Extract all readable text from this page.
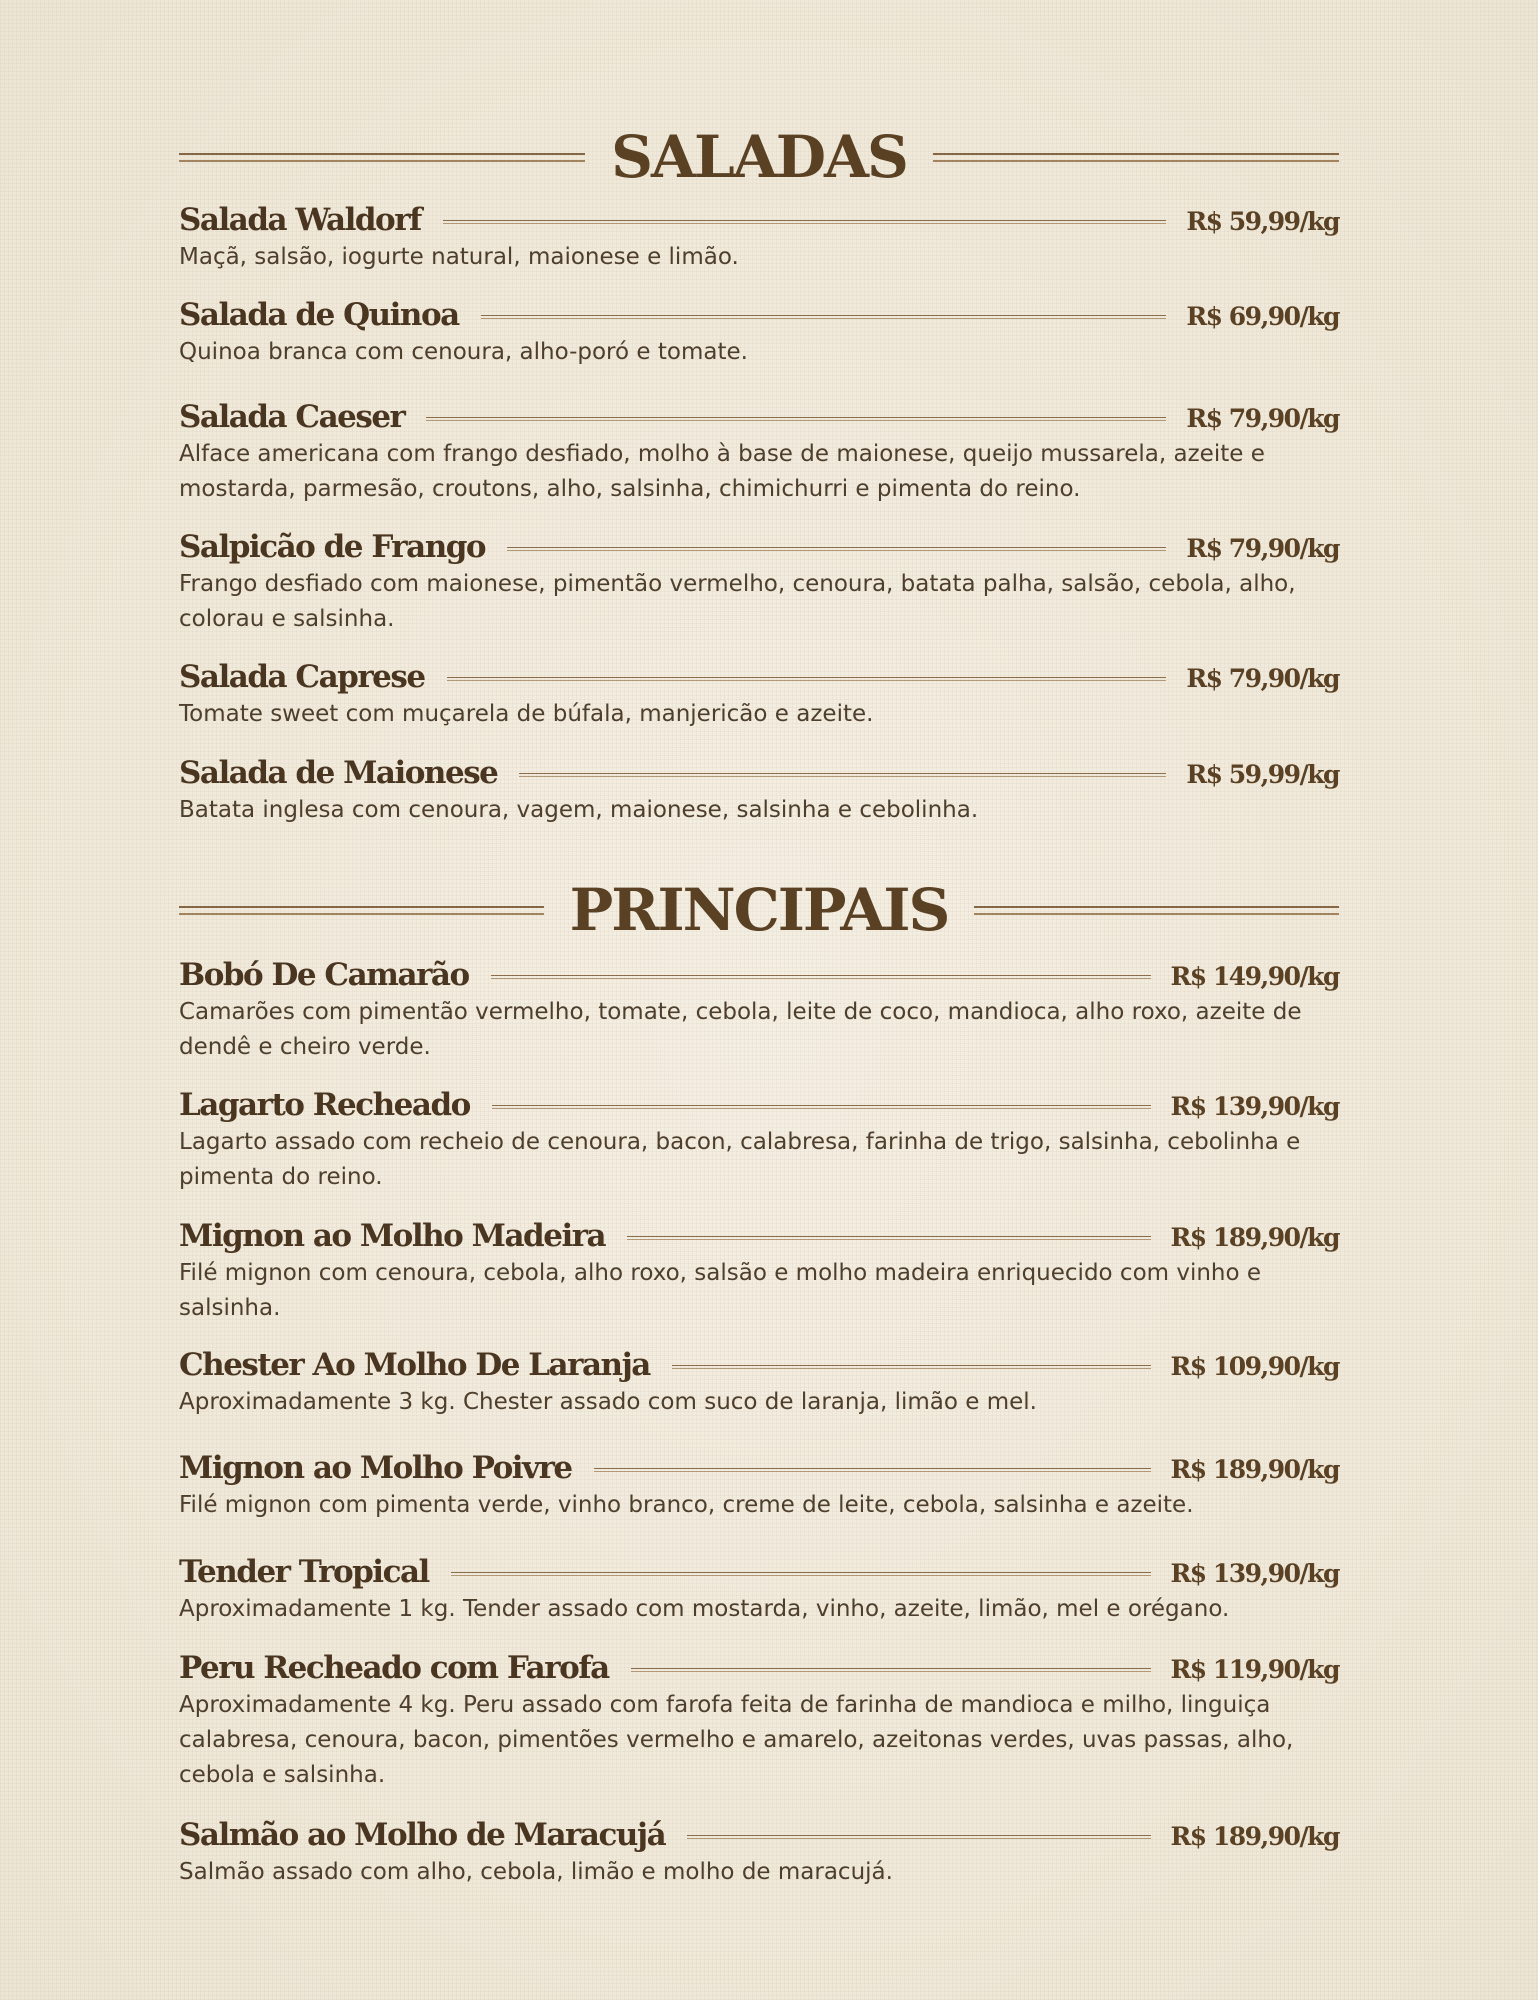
SALADAS
Salada Waldorf	R$ 59,99/kg
Maçã, salsão, iogurte natural, maionese e limão.
Salada de Quinoa	R$ 69,90/kg
Quinoa branca com cenoura, alho-poró e tomate.
Salada Caeser	R$ 79,90/kg
Alface americana com frango desfiado, molho à base de maionese, queijo mussarela, azeite e mostarda, parmesão, croutons, alho, salsinha, chimichurri e pimenta do reino.
Salpicão de Frango	R$ 79,90/kg
Frango desfiado com maionese, pimentão vermelho, cenoura, batata palha, salsão, cebola, alho, colorau e salsinha.
Salada Caprese	R$ 79,90/kg
Tomate sweet com muçarela de búfala, manjericão e azeite.
Salada de Maionese	R$ 59,99/kg
Batata inglesa com cenoura, vagem, maionese, salsinha e cebolinha.
PRINCIPAIS
Bobó De Camarão	R$ 149,90/kg
Camarões com pimentão vermelho, tomate, cebola, leite de coco, mandioca, alho roxo, azeite de dendê e cheiro verde.
Lagarto Recheado	R$ 139,90/kg
Lagarto assado com recheio de cenoura, bacon, calabresa, farinha de trigo, salsinha, cebolinha e pimenta do reino.
Mignon ao Molho Madeira	R$ 189,90/kg
Filé mignon com cenoura, cebola, alho roxo, salsão e molho madeira enriquecido com vinho e salsinha.
Chester Ao Molho De Laranja	R$ 109,90/kg
Aproximadamente 3 kg. Chester assado com suco de laranja, limão e mel.
Mignon ao Molho Poivre	R$ 189,90/kg
Filé mignon com pimenta verde, vinho branco, creme de leite, cebola, salsinha e azeite.
Tender Tropical	R$ 139,90/kg
Aproximadamente 1 kg. Tender assado com mostarda, vinho, azeite, limão, mel e orégano.
Peru Recheado com Farofa	R$ 119,90/kg
Aproximadamente 4 kg. Peru assado com farofa feita de farinha de mandioca e milho, linguiça calabresa, cenoura, bacon, pimentões vermelho e amarelo, azeitonas verdes, uvas passas, alho, cebola e salsinha.
Salmão ao Molho de Maracujá	R$ 189,90/kg
Salmão assado com alho, cebola, limão e molho de maracujá.
